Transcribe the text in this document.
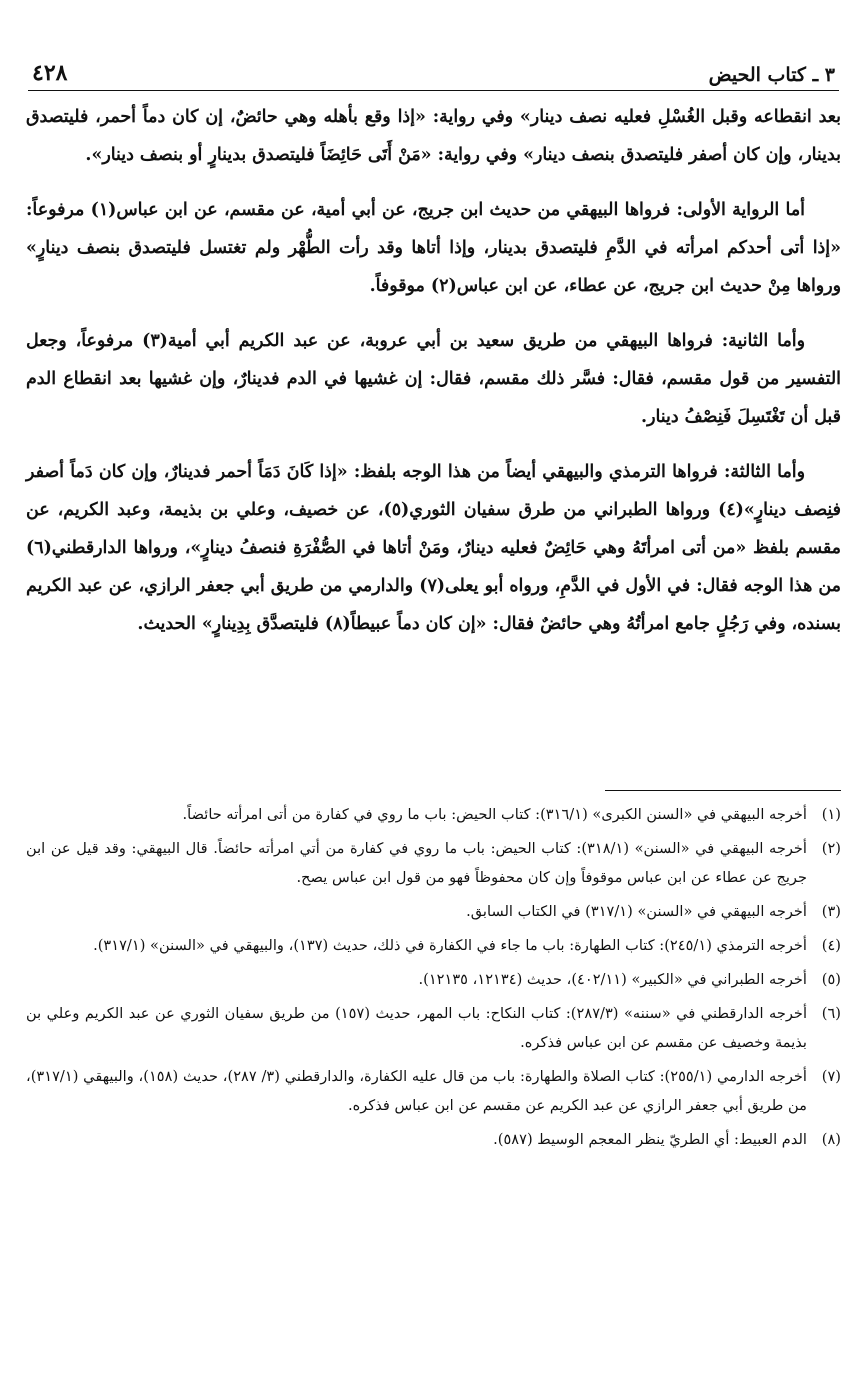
٣ ـ كتاب الحيض
٤٢٨

بعد انقطاعه وقبل الغُسْلِ فعليه نصف دينار» وفي رواية: «إذا وقع بأهله وهي حائضٌ، إن كان دماً أحمر، فليتصدق بدينار، وإن كان أصفر فليتصدق بنصف دينار» وفي رواية: «مَنْ أَتَى حَائِضَاً فليتصدق بدينارٍ أو بنصف دينار».

أما الرواية الأولى: فرواها البيهقي من حديث ابن جريج، عن أبي أمية، عن مقسم، عن ابن عباس(١) مرفوعاً: «إذا أتى أحدكم امرأته في الدَّمِ فليتصدق بدينار، وإذا أتاها وقد رأت الطُّهْر ولم تغتسل فليتصدق بنصف دينارٍ» ورواها مِنْ حديث ابن جريج، عن عطاء، عن ابن عباس(٢) موقوفاً.

وأما الثانية: فرواها البيهقي من طريق سعيد بن أبي عروبة، عن عبد الكريم أبي أمية(٣) مرفوعاً، وجعل التفسير من قول مقسم، فقال: فسَّر ذلك مقسم، فقال: إن غشيها في الدم فدينارٌ، وإن غشيها بعد انقطاع الدم قبل أن تَغْتَسِلَ فَنِصْفُ دينار.

وأما الثالثة: فرواها الترمذي والبيهقي أيضاً من هذا الوجه بلفظ: «إذا كَانَ دَمَاً أحمر فدينارٌ، وإن كان دَماً أصفر فنِصف دينارٍ»(٤) ورواها الطبراني من طرق سفيان الثوري(٥)، عن خصيف، وعلي بن بذيمة، وعبد الكريم، عن مقسم بلفظ «من أتى امرأتَهُ وهي حَائِضٌ فعليه دينارٌ، ومَنْ أتاها في الصُّفْرَةِ فنصفُ دينارٍ»، ورواها الدارقطني(٦) من هذا الوجه فقال: في الأول في الدَّمِ، ورواه أبو يعلى(٧) والدارمي من طريق أبي جعفر الرازي، عن عبد الكريم بسنده، وفي رَجُلٍ جامع امرأتُهُ وهي حائضٌ فقال: «إن كان دماً عبيطاً(٨) فليتصدَّق بِدِينارٍ» الحديث.

(١)
أخرجه البيهقي في «السنن الكبرى» (٣١٦/١): كتاب الحيض: باب ما روي في كفارة من أتى امرأته حائضاً.
(٢)
أخرجه البيهقي في «السنن» (٣١٨/١): كتاب الحيض: باب ما روي في كفارة من أتي امرأته حائضاً. قال البيهقي: وقد قيل عن ابن جريج عن عطاء عن ابن عباس موقوفاً وإن كان محفوظاً فهو من قول ابن عباس يصح.
(٣)
أخرجه البيهقي في «السنن» (٣١٧/١) في الكتاب السابق.
(٤)
أخرجه الترمذي (٢٤٥/١): كتاب الطهارة: باب ما جاء في الكفارة في ذلك، حديث (١٣٧)، والبيهقي في «السنن» (٣١٧/١).
(٥)
أخرجه الطبراني في «الكبير» (٤٠٢/١١)، حديث (١٢١٣٤، ١٢١٣٥).
(٦)
أخرجه الدارقطني في «سننه» (٢٨٧/٣): كتاب النكاح: باب المهر، حديث (١٥٧) من طريق سفيان الثوري عن عبد الكريم وعلي بن بذيمة وخصيف عن مقسم عن ابن عباس فذكره.
(٧)
أخرجه الدارمي (٢٥٥/١): كتاب الصلاة والطهارة: باب من قال عليه الكفارة، والدارقطني (٣/ ٢٨٧)، حديث (١٥٨)، والبيهقي (٣١٧/١)، من طريق أبي جعفر الرازي عن عبد الكريم عن مقسم عن ابن عباس فذكره.
(٨)
الدم العبيط: أي الطريّ ينظر المعجم الوسيط (٥٨٧).
